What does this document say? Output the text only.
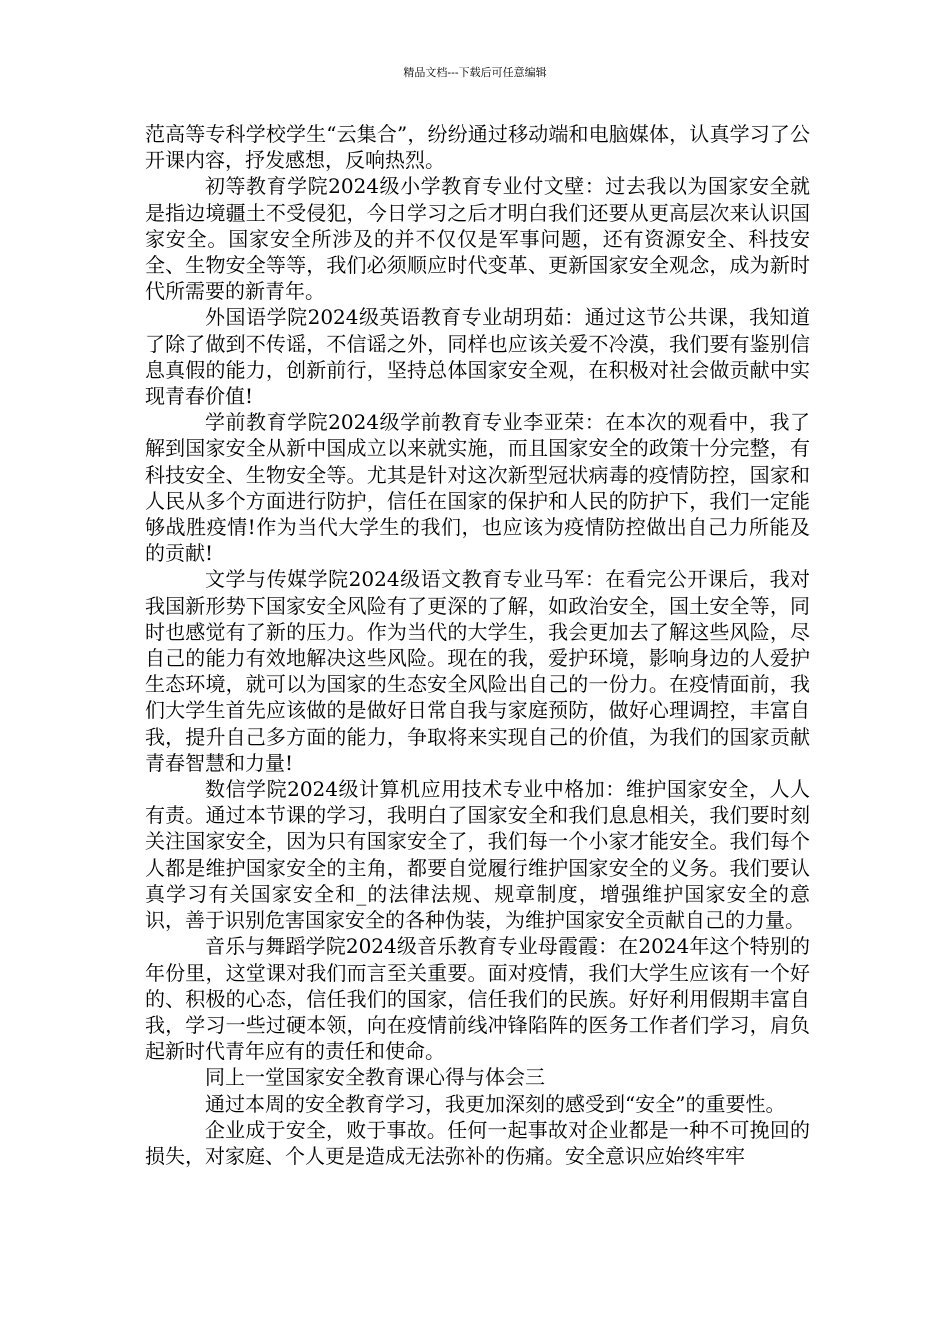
精品文档---下载后可任意编辑

范高等专科学校学生“云集合”，纷纷通过移动端和电脑媒体，认真学习了公开课内容，抒发感想，反响热烈。

初等教育学院2024级小学教育专业付文壁：过去我以为国家安全就是指边境疆土不受侵犯，今日学习之后才明白我们还要从更高层次来认识国家安全。国家安全所涉及的并不仅仅是军事问题，还有资源安全、科技安全、生物安全等等，我们必须顺应时代变革、更新国家安全观念，成为新时代所需要的新青年。

外国语学院2024级英语教育专业胡玥茹：通过这节公共课，我知道了除了做到不传谣，不信谣之外，同样也应该关爱不冷漠，我们要有鉴别信息真假的能力，创新前行，坚持总体国家安全观，在积极对社会做贡献中实现青春价值!

学前教育学院2024级学前教育专业李亚荣：在本次的观看中，我了解到国家安全从新中国成立以来就实施，而且国家安全的政策十分完整，有科技安全、生物安全等。尤其是针对这次新型冠状病毒的疫情防控，国家和人民从多个方面进行防护，信任在国家的保护和人民的防护下，我们一定能够战胜疫情!作为当代大学生的我们，也应该为疫情防控做出自己力所能及的贡献!

文学与传媒学院2024级语文教育专业马军：在看完公开课后，我对我国新形势下国家安全风险有了更深的了解，如政治安全，国土安全等，同时也感觉有了新的压力。作为当代的大学生，我会更加去了解这些风险，尽自己的能力有效地解决这些风险。现在的我，爱护环境，影响身边的人爱护生态环境，就可以为国家的生态安全风险出自己的一份力。在疫情面前，我们大学生首先应该做的是做好日常自我与家庭预防，做好心理调控，丰富自我，提升自己多方面的能力，争取将来实现自己的价值，为我们的国家贡献青春智慧和力量!

数信学院2024级计算机应用技术专业中格加：维护国家安全，人人有责。通过本节课的学习，我明白了国家安全和我们息息相关，我们要时刻关注国家安全，因为只有国家安全了，我们每一个小家才能安全。我们每个人都是维护国家安全的主角，都要自觉履行维护国家安全的义务。我们要认真学习有关国家安全和_的法律法规、规章制度，增强维护国家安全的意识，善于识别危害国家安全的各种伪装，为维护国家安全贡献自己的力量。

音乐与舞蹈学院2024级音乐教育专业母霞霞：在2024年这个特别的年份里，这堂课对我们而言至关重要。面对疫情，我们大学生应该有一个好的、积极的心态，信任我们的国家，信任我们的民族。好好利用假期丰富自我，学习一些过硬本领，向在疫情前线冲锋陷阵的医务工作者们学习，肩负起新时代青年应有的责任和使命。

同上一堂国家安全教育课心得与体会三

通过本周的安全教育学习，我更加深刻的感受到“安全”的重要性。

企业成于安全，败于事故。任何一起事故对企业都是一种不可挽回的损失，对家庭、个人更是造成无法弥补的伤痛。安全意识应始终牢牢
